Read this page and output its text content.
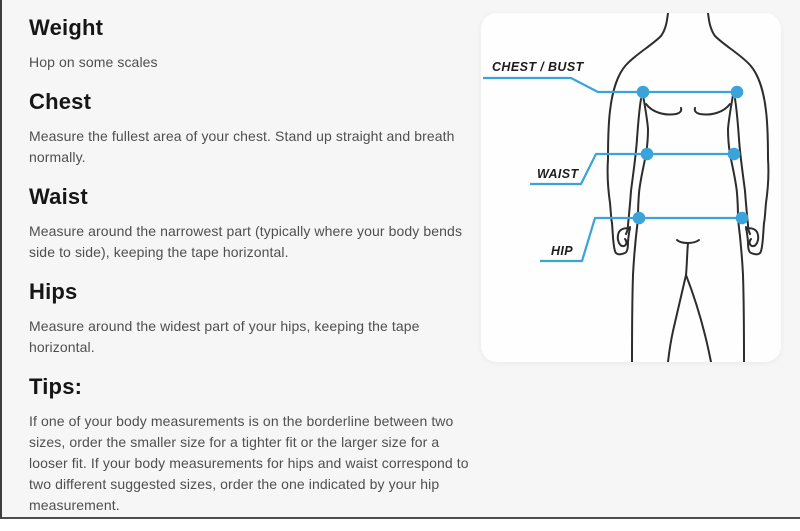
Weight
Hop on some scales
Chest
Measure the fullest area of your chest. Stand up straight and breath
normally.
Waist
Measure around the narrowest part (typically where your body bends
side to side), keeping the tape horizontal.
Hips
Measure around the widest part of your hips, keeping the tape
horizontal.
Tips:
If one of your body measurements is on the borderline between two
sizes, order the smaller size for a tighter fit or the larger size for a
looser fit. If your body measurements for hips and waist correspond to
two different suggested sizes, order the one indicated by your hip
measurement.
CHEST / BUST
WAIST
HIP
